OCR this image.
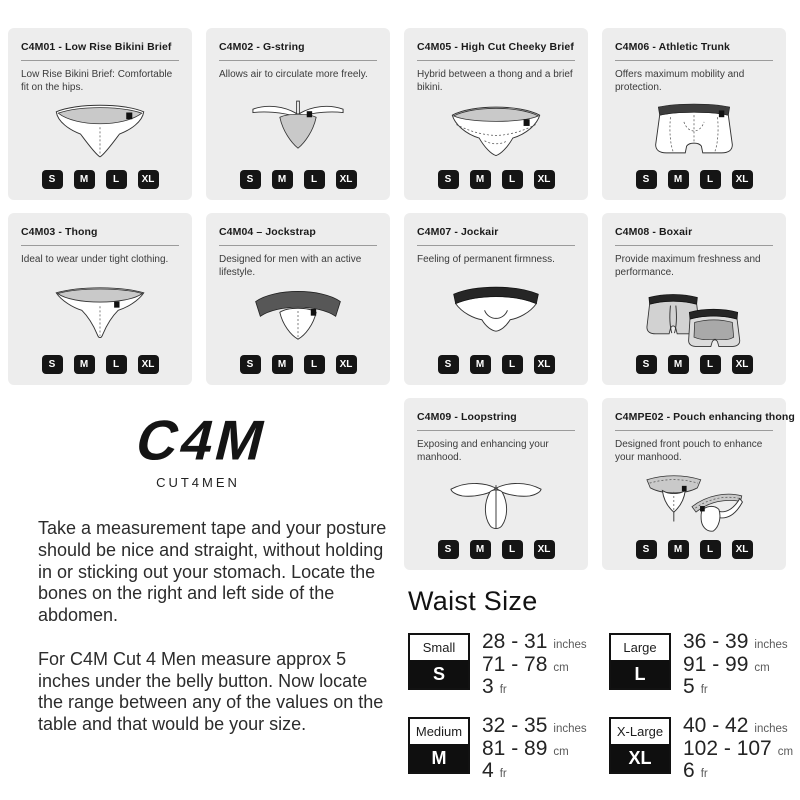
C4M01 - Low Rise Bikini Brief

Low Rise Bikini Brief: Comfortable fit on the hips.

S	M	L	XL
C4M02 - G-string

Allows air to circulate more freely.

S	M	L	XL
C4M05 - High Cut Cheeky Brief

Hybrid between a thong and a brief bikini.

S	M	L	XL
C4M06 - Athletic Trunk

Offers maximum mobility and protection.

S	M	L	XL
C4M03 - Thong

Ideal to wear under tight clothing.

S	M	L	XL
C4M04 – Jockstrap

Designed for men with an active lifestyle.

S	M	L	XL
C4M07 - Jockair

Feeling of permanent firmness.

S	M	L	XL
C4M08 - Boxair

Provide maximum freshness and performance.

S	M	L	XL
C4M09 - Loopstring

Exposing and enhancing your manhood.

S	M	L	XL
C4MPE02 - Pouch enhancing thong

Designed front pouch to enhance your manhood.

S	M	L	XL
C4M
CUT4MEN

Take a measurement tape and your posture should be nice and straight, without holding in or sticking out your stomach. Locate the bones on the right and left side of the abdomen.

For C4M Cut 4 Men measure approx 5 inches under the belly button. Now locate the range between any of the values on the table and that would be your size.

Waist Size
Small
S
28 - 31 inches
71 - 78 cm
3 fr
Large
L
36 - 39 inches
91 - 99 cm
5 fr
Medium
M
32 - 35 inches
81 - 89 cm
4 fr
X-Large
XL
40 - 42 inches
102 - 107 cm
6 fr
